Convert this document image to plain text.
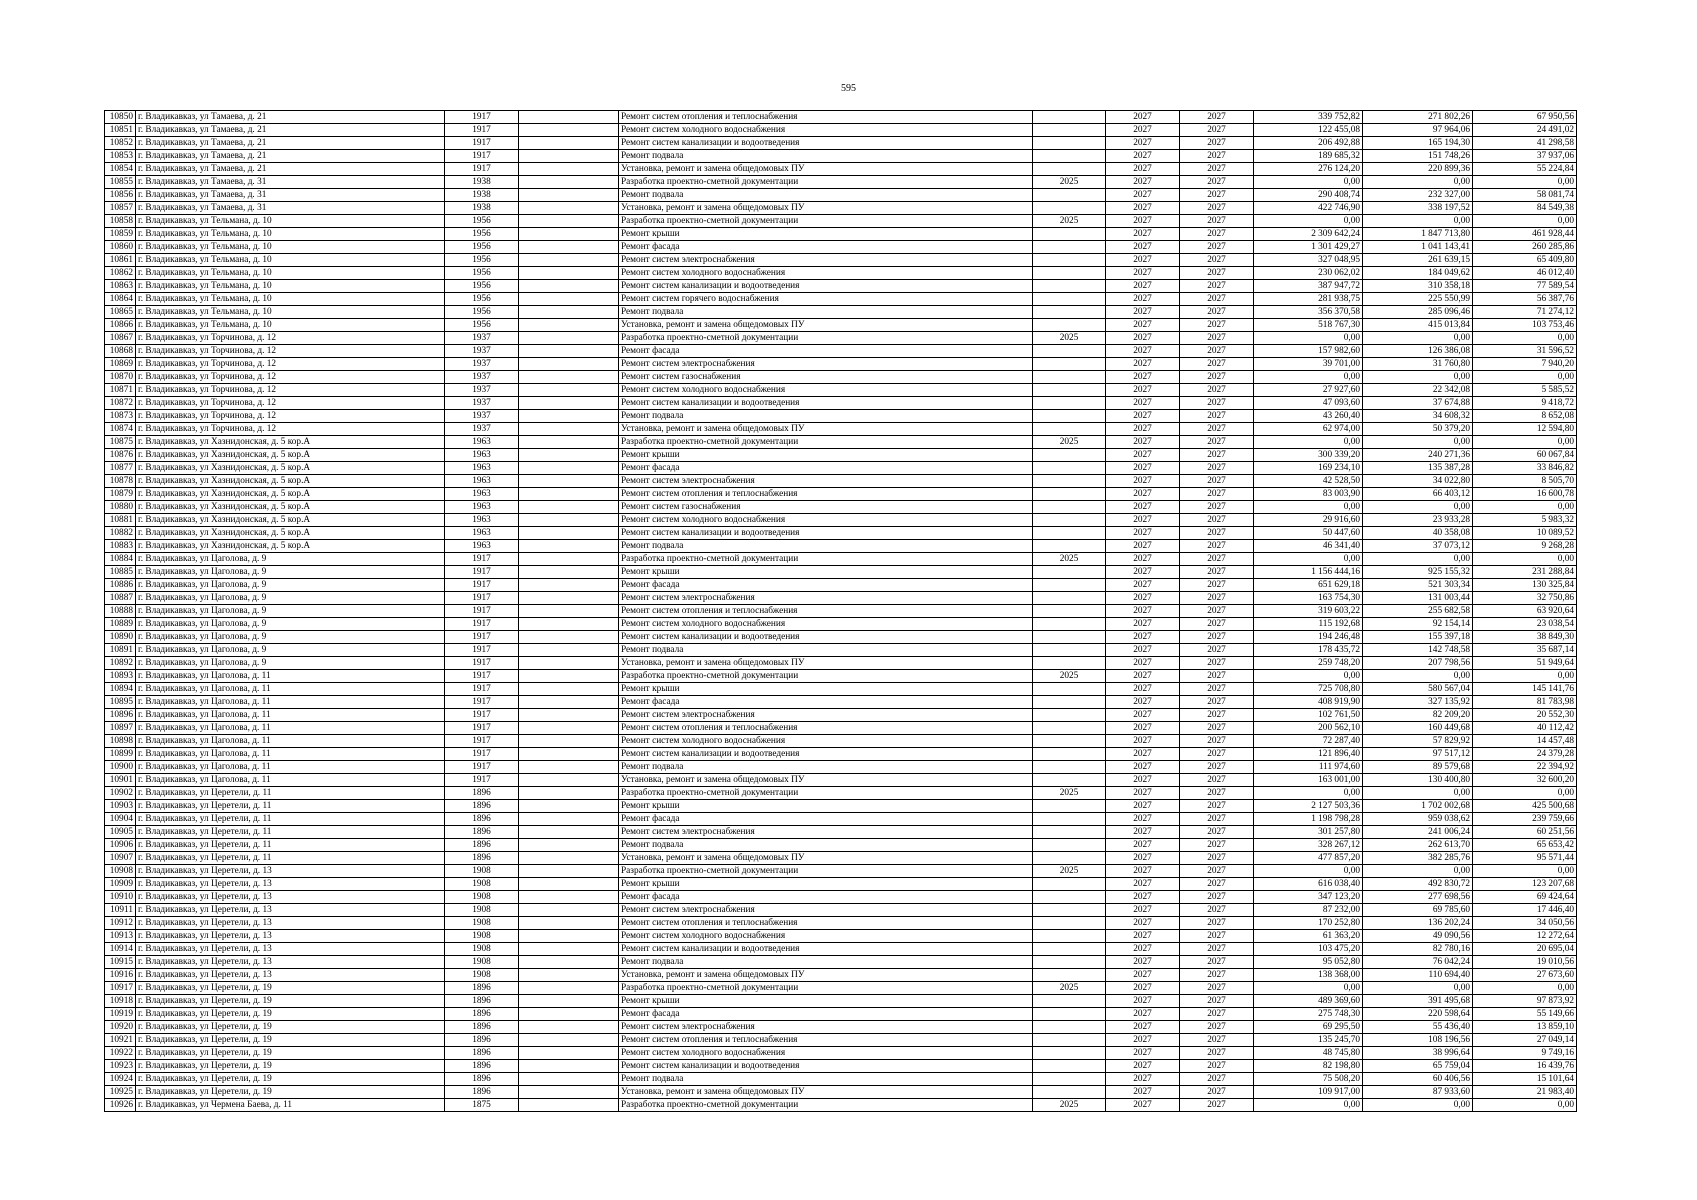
595
10850	г. Владикавказ, ул Тамаева, д. 21	1917		Ремонт систем отопления и теплоснабжения		2027	2027	339 752,82	271 802,26	67 950,56
10851	г. Владикавказ, ул Тамаева, д. 21	1917		Ремонт систем холодного водоснабжения		2027	2027	122 455,08	97 964,06	24 491,02
10852	г. Владикавказ, ул Тамаева, д. 21	1917		Ремонт систем канализации и водоотведения		2027	2027	206 492,88	165 194,30	41 298,58
10853	г. Владикавказ, ул Тамаева, д. 21	1917		Ремонт подвала		2027	2027	189 685,32	151 748,26	37 937,06
10854	г. Владикавказ, ул Тамаева, д. 21	1917		Установка, ремонт и замена общедомовых ПУ		2027	2027	276 124,20	220 899,36	55 224,84
10855	г. Владикавказ, ул Тамаева, д. 31	1938		Разработка проектно-сметной документации	2025	2027	2027	0,00	0,00	0,00
10856	г. Владикавказ, ул Тамаева, д. 31	1938		Ремонт подвала		2027	2027	290 408,74	232 327,00	58 081,74
10857	г. Владикавказ, ул Тамаева, д. 31	1938		Установка, ремонт и замена общедомовых ПУ		2027	2027	422 746,90	338 197,52	84 549,38
10858	г. Владикавказ, ул Тельмана, д. 10	1956		Разработка проектно-сметной документации	2025	2027	2027	0,00	0,00	0,00
10859	г. Владикавказ, ул Тельмана, д. 10	1956		Ремонт крыши		2027	2027	2 309 642,24	1 847 713,80	461 928,44
10860	г. Владикавказ, ул Тельмана, д. 10	1956		Ремонт фасада		2027	2027	1 301 429,27	1 041 143,41	260 285,86
10861	г. Владикавказ, ул Тельмана, д. 10	1956		Ремонт систем электроснабжения		2027	2027	327 048,95	261 639,15	65 409,80
10862	г. Владикавказ, ул Тельмана, д. 10	1956		Ремонт систем холодного водоснабжения		2027	2027	230 062,02	184 049,62	46 012,40
10863	г. Владикавказ, ул Тельмана, д. 10	1956		Ремонт систем канализации и водоотведения		2027	2027	387 947,72	310 358,18	77 589,54
10864	г. Владикавказ, ул Тельмана, д. 10	1956		Ремонт систем горячего водоснабжения		2027	2027	281 938,75	225 550,99	56 387,76
10865	г. Владикавказ, ул Тельмана, д. 10	1956		Ремонт подвала		2027	2027	356 370,58	285 096,46	71 274,12
10866	г. Владикавказ, ул Тельмана, д. 10	1956		Установка, ремонт и замена общедомовых ПУ		2027	2027	518 767,30	415 013,84	103 753,46
10867	г. Владикавказ, ул Торчинова, д. 12	1937		Разработка проектно-сметной документации	2025	2027	2027	0,00	0,00	0,00
10868	г. Владикавказ, ул Торчинова, д. 12	1937		Ремонт фасада		2027	2027	157 982,60	126 386,08	31 596,52
10869	г. Владикавказ, ул Торчинова, д. 12	1937		Ремонт систем электроснабжения		2027	2027	39 701,00	31 760,80	7 940,20
10870	г. Владикавказ, ул Торчинова, д. 12	1937		Ремонт систем газоснабжения		2027	2027	0,00	0,00	0,00
10871	г. Владикавказ, ул Торчинова, д. 12	1937		Ремонт систем холодного водоснабжения		2027	2027	27 927,60	22 342,08	5 585,52
10872	г. Владикавказ, ул Торчинова, д. 12	1937		Ремонт систем канализации и водоотведения		2027	2027	47 093,60	37 674,88	9 418,72
10873	г. Владикавказ, ул Торчинова, д. 12	1937		Ремонт подвала		2027	2027	43 260,40	34 608,32	8 652,08
10874	г. Владикавказ, ул Торчинова, д. 12	1937		Установка, ремонт и замена общедомовых ПУ		2027	2027	62 974,00	50 379,20	12 594,80
10875	г. Владикавказ, ул Хазнидонская, д. 5 кор.А	1963		Разработка проектно-сметной документации	2025	2027	2027	0,00	0,00	0,00
10876	г. Владикавказ, ул Хазнидонская, д. 5 кор.А	1963		Ремонт крыши		2027	2027	300 339,20	240 271,36	60 067,84
10877	г. Владикавказ, ул Хазнидонская, д. 5 кор.А	1963		Ремонт фасада		2027	2027	169 234,10	135 387,28	33 846,82
10878	г. Владикавказ, ул Хазнидонская, д. 5 кор.А	1963		Ремонт систем электроснабжения		2027	2027	42 528,50	34 022,80	8 505,70
10879	г. Владикавказ, ул Хазнидонская, д. 5 кор.А	1963		Ремонт систем отопления и теплоснабжения		2027	2027	83 003,90	66 403,12	16 600,78
10880	г. Владикавказ, ул Хазнидонская, д. 5 кор.А	1963		Ремонт систем газоснабжения		2027	2027	0,00	0,00	0,00
10881	г. Владикавказ, ул Хазнидонская, д. 5 кор.А	1963		Ремонт систем холодного водоснабжения		2027	2027	29 916,60	23 933,28	5 983,32
10882	г. Владикавказ, ул Хазнидонская, д. 5 кор.А	1963		Ремонт систем канализации и водоотведения		2027	2027	50 447,60	40 358,08	10 089,52
10883	г. Владикавказ, ул Хазнидонская, д. 5 кор.А	1963		Ремонт подвала		2027	2027	46 341,40	37 073,12	9 268,28
10884	г. Владикавказ, ул Цаголова, д. 9	1917		Разработка проектно-сметной документации	2025	2027	2027	0,00	0,00	0,00
10885	г. Владикавказ, ул Цаголова, д. 9	1917		Ремонт крыши		2027	2027	1 156 444,16	925 155,32	231 288,84
10886	г. Владикавказ, ул Цаголова, д. 9	1917		Ремонт фасада		2027	2027	651 629,18	521 303,34	130 325,84
10887	г. Владикавказ, ул Цаголова, д. 9	1917		Ремонт систем электроснабжения		2027	2027	163 754,30	131 003,44	32 750,86
10888	г. Владикавказ, ул Цаголова, д. 9	1917		Ремонт систем отопления и теплоснабжения		2027	2027	319 603,22	255 682,58	63 920,64
10889	г. Владикавказ, ул Цаголова, д. 9	1917		Ремонт систем холодного водоснабжения		2027	2027	115 192,68	92 154,14	23 038,54
10890	г. Владикавказ, ул Цаголова, д. 9	1917		Ремонт систем канализации и водоотведения		2027	2027	194 246,48	155 397,18	38 849,30
10891	г. Владикавказ, ул Цаголова, д. 9	1917		Ремонт подвала		2027	2027	178 435,72	142 748,58	35 687,14
10892	г. Владикавказ, ул Цаголова, д. 9	1917		Установка, ремонт и замена общедомовых ПУ		2027	2027	259 748,20	207 798,56	51 949,64
10893	г. Владикавказ, ул Цаголова, д. 11	1917		Разработка проектно-сметной документации	2025	2027	2027	0,00	0,00	0,00
10894	г. Владикавказ, ул Цаголова, д. 11	1917		Ремонт крыши		2027	2027	725 708,80	580 567,04	145 141,76
10895	г. Владикавказ, ул Цаголова, д. 11	1917		Ремонт фасада		2027	2027	408 919,90	327 135,92	81 783,98
10896	г. Владикавказ, ул Цаголова, д. 11	1917		Ремонт систем электроснабжения		2027	2027	102 761,50	82 209,20	20 552,30
10897	г. Владикавказ, ул Цаголова, д. 11	1917		Ремонт систем отопления и теплоснабжения		2027	2027	200 562,10	160 449,68	40 112,42
10898	г. Владикавказ, ул Цаголова, д. 11	1917		Ремонт систем холодного водоснабжения		2027	2027	72 287,40	57 829,92	14 457,48
10899	г. Владикавказ, ул Цаголова, д. 11	1917		Ремонт систем канализации и водоотведения		2027	2027	121 896,40	97 517,12	24 379,28
10900	г. Владикавказ, ул Цаголова, д. 11	1917		Ремонт подвала		2027	2027	111 974,60	89 579,68	22 394,92
10901	г. Владикавказ, ул Цаголова, д. 11	1917		Установка, ремонт и замена общедомовых ПУ		2027	2027	163 001,00	130 400,80	32 600,20
10902	г. Владикавказ, ул Церетели, д. 11	1896		Разработка проектно-сметной документации	2025	2027	2027	0,00	0,00	0,00
10903	г. Владикавказ, ул Церетели, д. 11	1896		Ремонт крыши		2027	2027	2 127 503,36	1 702 002,68	425 500,68
10904	г. Владикавказ, ул Церетели, д. 11	1896		Ремонт фасада		2027	2027	1 198 798,28	959 038,62	239 759,66
10905	г. Владикавказ, ул Церетели, д. 11	1896		Ремонт систем электроснабжения		2027	2027	301 257,80	241 006,24	60 251,56
10906	г. Владикавказ, ул Церетели, д. 11	1896		Ремонт подвала		2027	2027	328 267,12	262 613,70	65 653,42
10907	г. Владикавказ, ул Церетели, д. 11	1896		Установка, ремонт и замена общедомовых ПУ		2027	2027	477 857,20	382 285,76	95 571,44
10908	г. Владикавказ, ул Церетели, д. 13	1908		Разработка проектно-сметной документации	2025	2027	2027	0,00	0,00	0,00
10909	г. Владикавказ, ул Церетели, д. 13	1908		Ремонт крыши		2027	2027	616 038,40	492 830,72	123 207,68
10910	г. Владикавказ, ул Церетели, д. 13	1908		Ремонт фасада		2027	2027	347 123,20	277 698,56	69 424,64
10911	г. Владикавказ, ул Церетели, д. 13	1908		Ремонт систем электроснабжения		2027	2027	87 232,00	69 785,60	17 446,40
10912	г. Владикавказ, ул Церетели, д. 13	1908		Ремонт систем отопления и теплоснабжения		2027	2027	170 252,80	136 202,24	34 050,56
10913	г. Владикавказ, ул Церетели, д. 13	1908		Ремонт систем холодного водоснабжения		2027	2027	61 363,20	49 090,56	12 272,64
10914	г. Владикавказ, ул Церетели, д. 13	1908		Ремонт систем канализации и водоотведения		2027	2027	103 475,20	82 780,16	20 695,04
10915	г. Владикавказ, ул Церетели, д. 13	1908		Ремонт подвала		2027	2027	95 052,80	76 042,24	19 010,56
10916	г. Владикавказ, ул Церетели, д. 13	1908		Установка, ремонт и замена общедомовых ПУ		2027	2027	138 368,00	110 694,40	27 673,60
10917	г. Владикавказ, ул Церетели, д. 19	1896		Разработка проектно-сметной документации	2025	2027	2027	0,00	0,00	0,00
10918	г. Владикавказ, ул Церетели, д. 19	1896		Ремонт крыши		2027	2027	489 369,60	391 495,68	97 873,92
10919	г. Владикавказ, ул Церетели, д. 19	1896		Ремонт фасада		2027	2027	275 748,30	220 598,64	55 149,66
10920	г. Владикавказ, ул Церетели, д. 19	1896		Ремонт систем электроснабжения		2027	2027	69 295,50	55 436,40	13 859,10
10921	г. Владикавказ, ул Церетели, д. 19	1896		Ремонт систем отопления и теплоснабжения		2027	2027	135 245,70	108 196,56	27 049,14
10922	г. Владикавказ, ул Церетели, д. 19	1896		Ремонт систем холодного водоснабжения		2027	2027	48 745,80	38 996,64	9 749,16
10923	г. Владикавказ, ул Церетели, д. 19	1896		Ремонт систем канализации и водоотведения		2027	2027	82 198,80	65 759,04	16 439,76
10924	г. Владикавказ, ул Церетели, д. 19	1896		Ремонт подвала		2027	2027	75 508,20	60 406,56	15 101,64
10925	г. Владикавказ, ул Церетели, д. 19	1896		Установка, ремонт и замена общедомовых ПУ		2027	2027	109 917,00	87 933,60	21 983,40
10926	г. Владикавказ, ул Чермена Баева, д. 11	1875		Разработка проектно-сметной документации	2025	2027	2027	0,00	0,00	0,00
